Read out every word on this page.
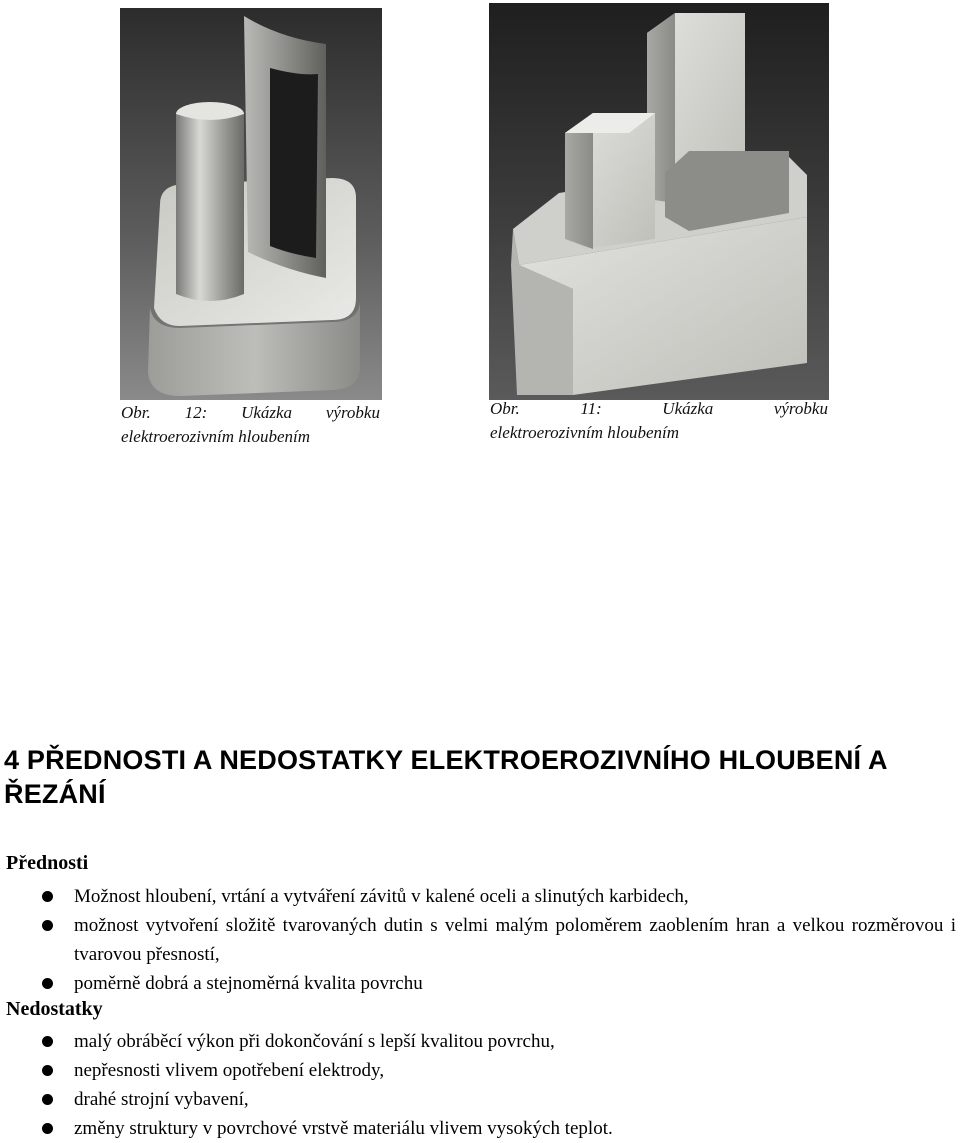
Obr. 12: Ukázka výrobku
elektroerozivním hloubením
Obr.	11:	Ukázka	výrobku
elektroerozivním hloubením
4 PŘEDNOSTI A NEDOSTATKY ELEKTROEROZIVNÍHO HLOUBENÍ A ŘEZÁNÍ
Přednosti
Možnost hloubení, vrtání a vytváření závitů v kalené oceli a slinutých karbidech,
možnost vytvoření složitě tvarovaných dutin s velmi malým poloměrem zaoblením hran a velkou rozměrovou i tvarovou přesností,
poměrně dobrá a stejnoměrná kvalita povrchu
Nedostatky
malý obráběcí výkon při dokončování s lepší kvalitou povrchu,
nepřesnosti vlivem opotřebení elektrody,
drahé strojní vybavení,
změny struktury v povrchové vrstvě materiálu vlivem vysokých teplot.
